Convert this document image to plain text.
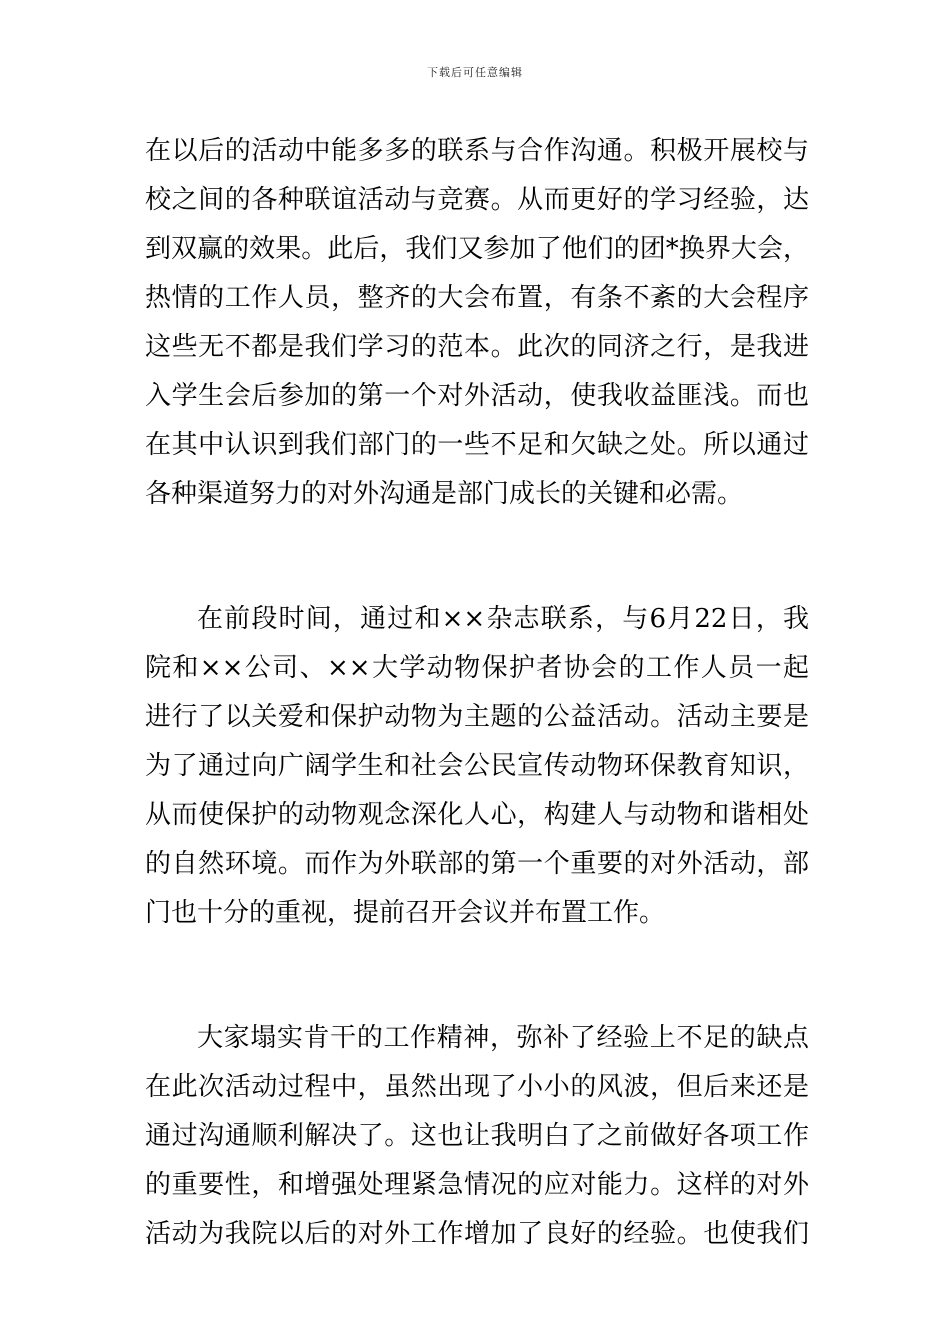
下载后可任意编辑
在以后的活动中能多多的联系与合作沟通。积极开展校与
校之间的各种联谊活动与竞赛。从而更好的学习经验，达
到双赢的效果。此后，我们又参加了他们的团*换界大会，
热情的工作人员，整齐的大会布置，有条不紊的大会程序
这些无不都是我们学习的范本。此次的同济之行，是我进
入学生会后参加的第一个对外活动，使我收益匪浅。而也
在其中认识到我们部门的一些不足和欠缺之处。所以通过
各种渠道努力的对外沟通是部门成长的关键和必需。
在前段时间，通过和××杂志联系，与6月22日，我
院和××公司、××大学动物保护者协会的工作人员一起
进行了以关爱和保护动物为主题的公益活动。活动主要是
为了通过向广阔学生和社会公民宣传动物环保教育知识，
从而使保护的动物观念深化人心，构建人与动物和谐相处
的自然环境。而作为外联部的第一个重要的对外活动，部
门也十分的重视，提前召开会议并布置工作。
大家塌实肯干的工作精神，弥补了经验上不足的缺点
在此次活动过程中，虽然出现了小小的风波，但后来还是
通过沟通顺利解决了。这也让我明白了之前做好各项工作
的重要性，和增强处理紧急情况的应对能力。这样的对外
活动为我院以后的对外工作增加了良好的经验。也使我们
